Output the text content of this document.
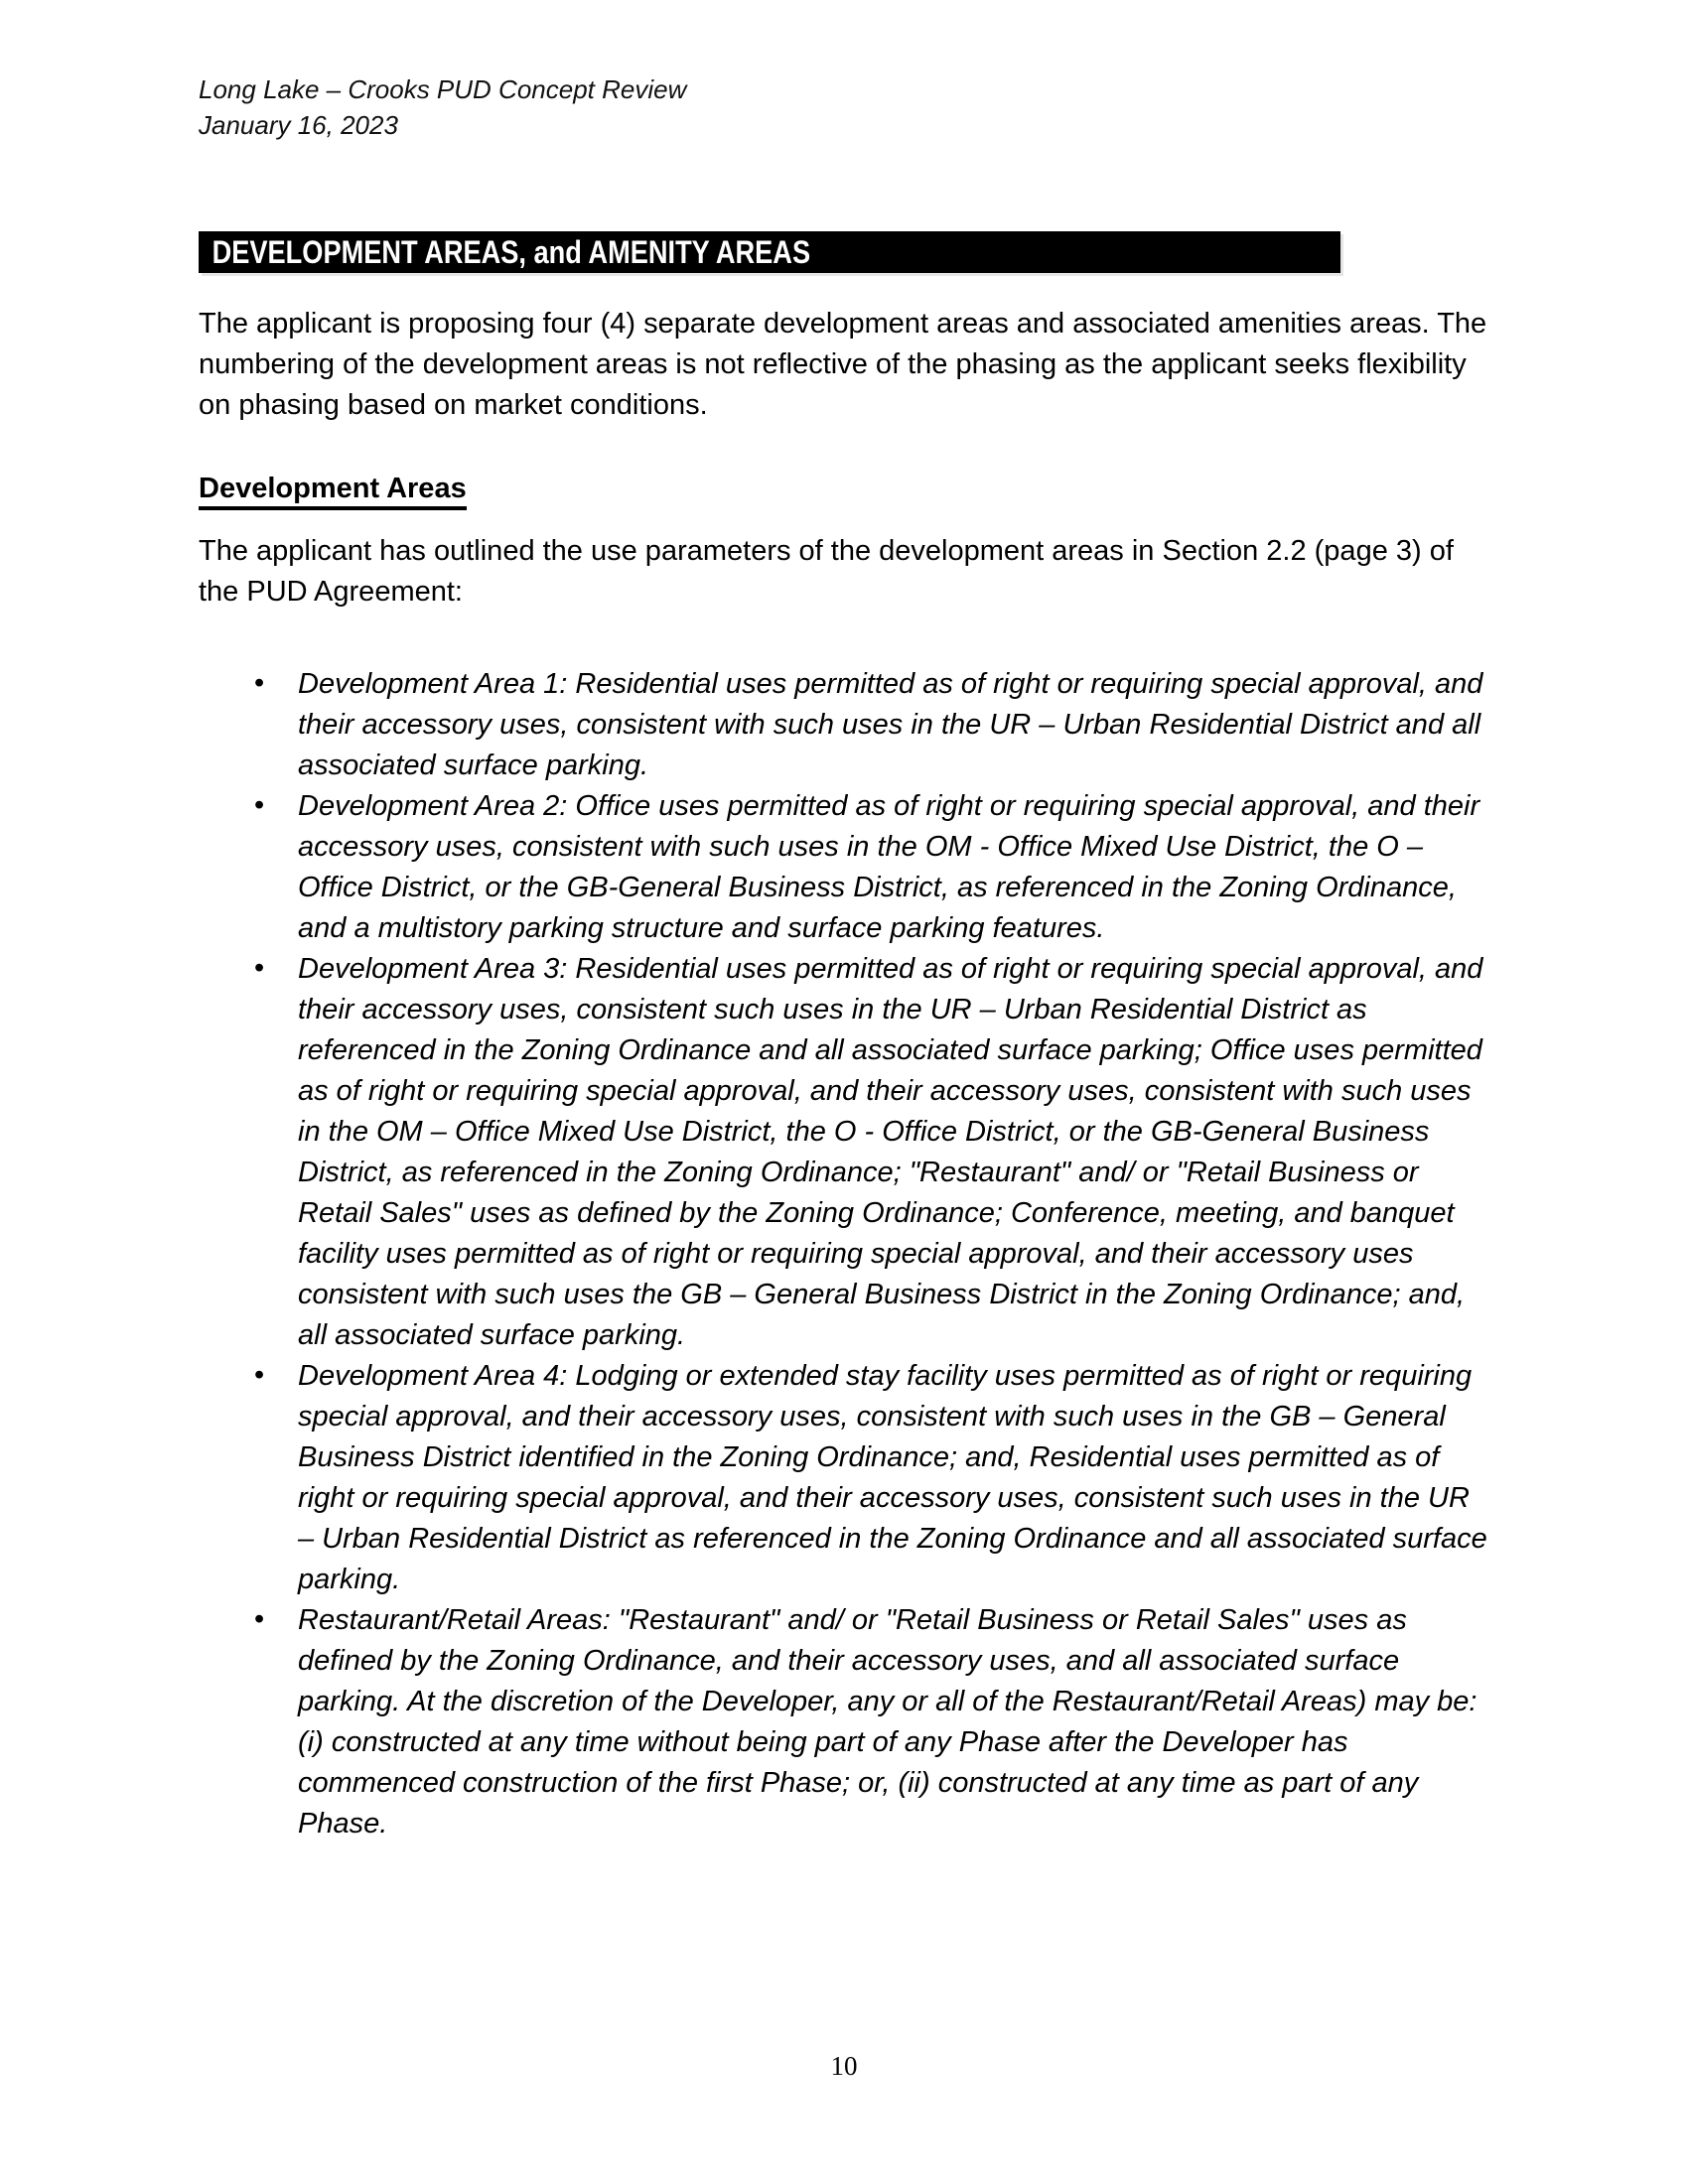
Long Lake – Crooks PUD Concept Review
January 16, 2023
DEVELOPMENT AREAS, and AMENITY AREAS

The applicant is proposing four (4) separate development areas and associated amenities areas. The numbering of the development areas is not reflective of the phasing as the applicant seeks flexibility on phasing based on market conditions.

Development Areas

The applicant has outlined the use parameters of the development areas in Section 2.2 (page 3) of the PUD Agreement:

• Development Area 1: Residential uses permitted as of right or requiring special approval, and their accessory uses, consistent with such uses in the UR – Urban Residential District and all associated surface parking.
• Development Area 2: Office uses permitted as of right or requiring special approval, and their accessory uses, consistent with such uses in the OM - Office Mixed Use District, the O – Office District, or the GB-General Business District, as referenced in the Zoning Ordinance, and a multistory parking structure and surface parking features.
• Development Area 3: Residential uses permitted as of right or requiring special approval, and their accessory uses, consistent such uses in the UR – Urban Residential District as referenced in the Zoning Ordinance and all associated surface parking; Office uses permitted as of right or requiring special approval, and their accessory uses, consistent with such uses in the OM – Office Mixed Use District, the O - Office District, or the GB-General Business District, as referenced in the Zoning Ordinance; "Restaurant" and/ or "Retail Business or Retail Sales" uses as defined by the Zoning Ordinance; Conference, meeting, and banquet facility uses permitted as of right or requiring special approval, and their accessory uses consistent with such uses the GB – General Business District in the Zoning Ordinance; and, all associated surface parking.
• Development Area 4: Lodging or extended stay facility uses permitted as of right or requiring special approval, and their accessory uses, consistent with such uses in the GB – General Business District identified in the Zoning Ordinance; and, Residential uses permitted as of right or requiring special approval, and their accessory uses, consistent such uses in the UR – Urban Residential District as referenced in the Zoning Ordinance and all associated surface parking.
• Restaurant/Retail Areas: "Restaurant" and/ or "Retail Business or Retail Sales" uses as defined by the Zoning Ordinance, and their accessory uses, and all associated surface parking. At the discretion of the Developer, any or all of the Restaurant/Retail Areas) may be: (i) constructed at any time without being part of any Phase after the Developer has commenced construction of the first Phase; or, (ii) constructed at any time as part of any Phase.
10
